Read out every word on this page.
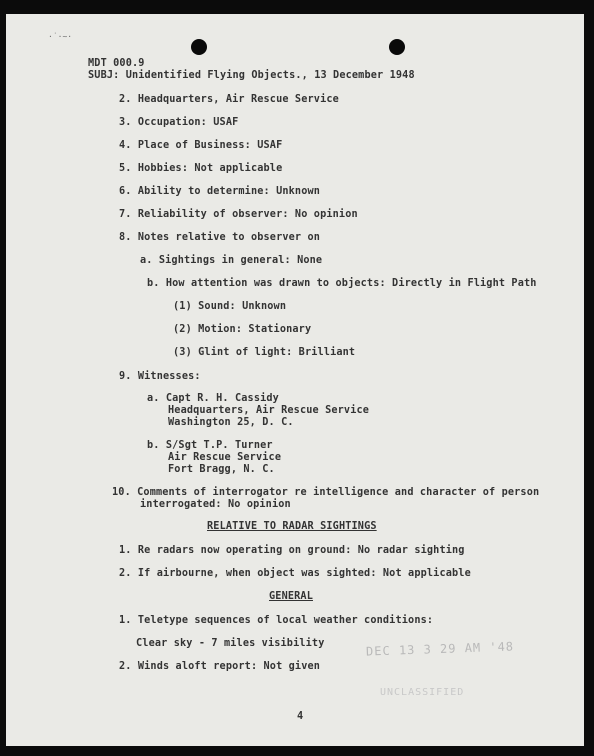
·˙·~·
MDT 000.9
SUBJ: Unidentified Flying Objects., 13 December 1948
2. Headquarters, Air Rescue Service
3. Occupation: USAF
4. Place of Business: USAF
5. Hobbies: Not applicable
6. Ability to determine: Unknown
7. Reliability of observer: No opinion
8. Notes relative to observer on
a. Sightings in general: None
b. How attention was drawn to objects: Directly in Flight Path
(1) Sound: Unknown
(2) Motion: Stationary
(3) Glint of light: Brilliant
9. Witnesses:
a. Capt R. H. Cassidy
Headquarters, Air Rescue Service
Washington 25, D. C.
b. S/Sgt T.P. Turner
Air Rescue Service
Fort Bragg, N. C.
10. Comments of interrogator re intelligence and character of person
interrogated: No opinion
RELATIVE TO RADAR SIGHTINGS
1. Re radars now operating on ground: No radar sighting
2. If airbourne, when object was sighted: Not applicable
GENERAL
1. Teletype sequences of local weather conditions:
Clear sky - 7 miles visibility
2. Winds aloft report: Not given
DEC 13 3 29 AM '48
UNCLASSIFIED
4
